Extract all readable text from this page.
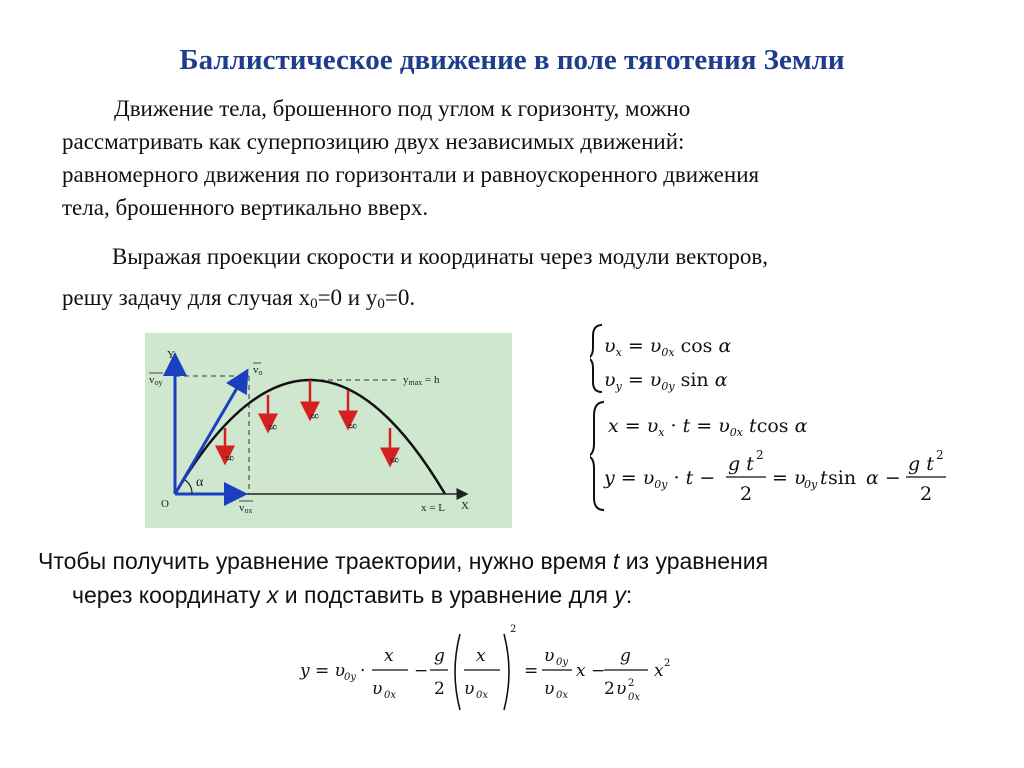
Баллистическое движение в поле тяготения Земли
Движение тела, брошенного под углом к горизонту, можно
рассматривать как суперпозицию двух независимых движений:
равномерного движения по горизонтали и равноускоренного движения
тела, брошенного вертикально вверх.
Выражая проекции скорости и координаты через модули векторов,
решу задачу для случая $x_0=0$ и $y_0=0$.
Y
X
O
α
x = L
ymax = h
vo
voy
vox
g
g
g
g
g
$\upsilon_x = \upsilon_{0x}$ cos α
$\upsilon_y = \upsilon_{0y}$ sin α
$x = \upsilon_x \cdot t = \upsilon_{0x}$ tcos α
$y = \upsilon_{0y} \cdot t$ −
g t 2
2
= υ
0y t sin α −
g t 2
2
Чтобы получить уравнение траектории, нужно время t из уравнения
через координату x и подставить в уравнение для y:
y = υ 0y ·
x
υ 0x
−
g
2
x
υ 0x
2
=
υ 0y
υ 0x
x −
g
2 υ 2
0x
x 2
